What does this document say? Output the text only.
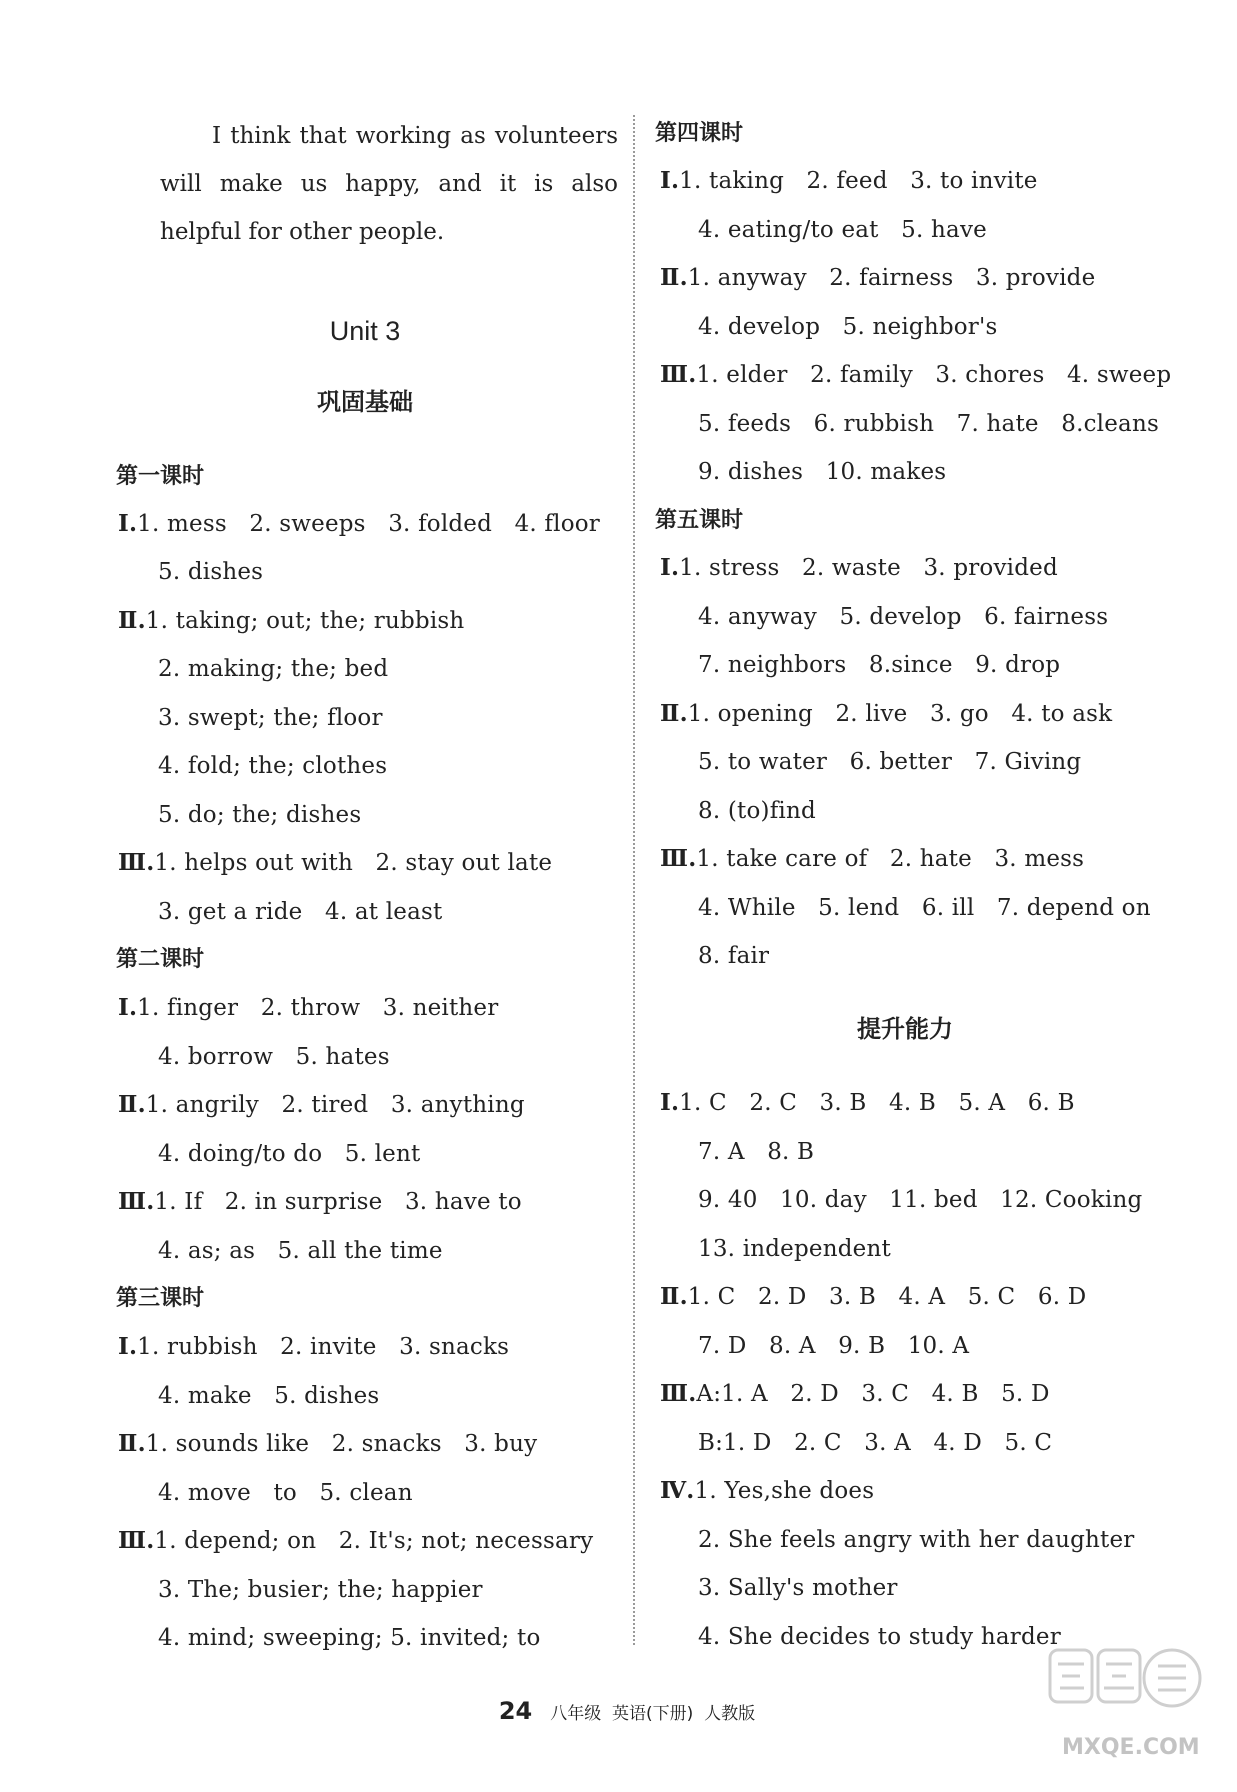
I think that working as volunteers will make us happy, and it is also helpful for other people.
Unit 3
巩固基础
第一课时
Ⅰ.1. mess   2. sweeps   3. folded   4. floor
5. dishes
Ⅱ.1. taking; out; the; rubbish
2. making; the; bed
3. swept; the; floor
4. fold; the; clothes
5. do; the; dishes
Ⅲ.1. helps out with   2. stay out late
3. get a ride   4. at least
第二课时
Ⅰ.1. finger   2. throw   3. neither
4. borrow   5. hates
Ⅱ.1. angrily   2. tired   3. anything
4. doing/to do   5. lent
Ⅲ.1. If   2. in surprise   3. have to
4. as; as   5. all the time
第三课时
Ⅰ.1. rubbish   2. invite   3. snacks
4. make   5. dishes
Ⅱ.1. sounds like   2. snacks   3. buy
4. move   to   5. clean
Ⅲ.1. depend; on   2. It's; not; necessary
3. The; busier; the; happier
4. mind; sweeping; 5. invited; to
第四课时
Ⅰ.1. taking   2. feed   3. to invite
4. eating/to eat   5. have
Ⅱ.1. anyway   2. fairness   3. provide
4. develop   5. neighbor's
Ⅲ.1. elder   2. family   3. chores   4. sweep
5. feeds   6. rubbish   7. hate   8.cleans
9. dishes   10. makes
第五课时
Ⅰ.1. stress   2. waste   3. provided
4. anyway   5. develop   6. fairness
7. neighbors   8.since   9. drop
Ⅱ.1. opening   2. live   3. go   4. to ask
5. to water   6. better   7. Giving
8. (to)find
Ⅲ.1. take care of   2. hate   3. mess
4. While   5. lend   6. ill   7. depend on
8. fair
提升能力
Ⅰ.1. C   2. C   3. B   4. B   5. A   6. B
7. A   8. B
9. 40   10. day   11. bed   12. Cooking
13. independent
Ⅱ.1. C   2. D   3. B   4. A   5. C   6. D
7. D   8. A   9. B   10. A
Ⅲ.A:1. A   2. D   3. C   4. B   5. D
B:1. D   2. C   3. A   4. D   5. C
Ⅳ.1. Yes,she does
2. She feels angry with her daughter
3. Sally's mother
4. She decides to study harder

24 八年级 英语(下册) 人教版

MXQE.COM
